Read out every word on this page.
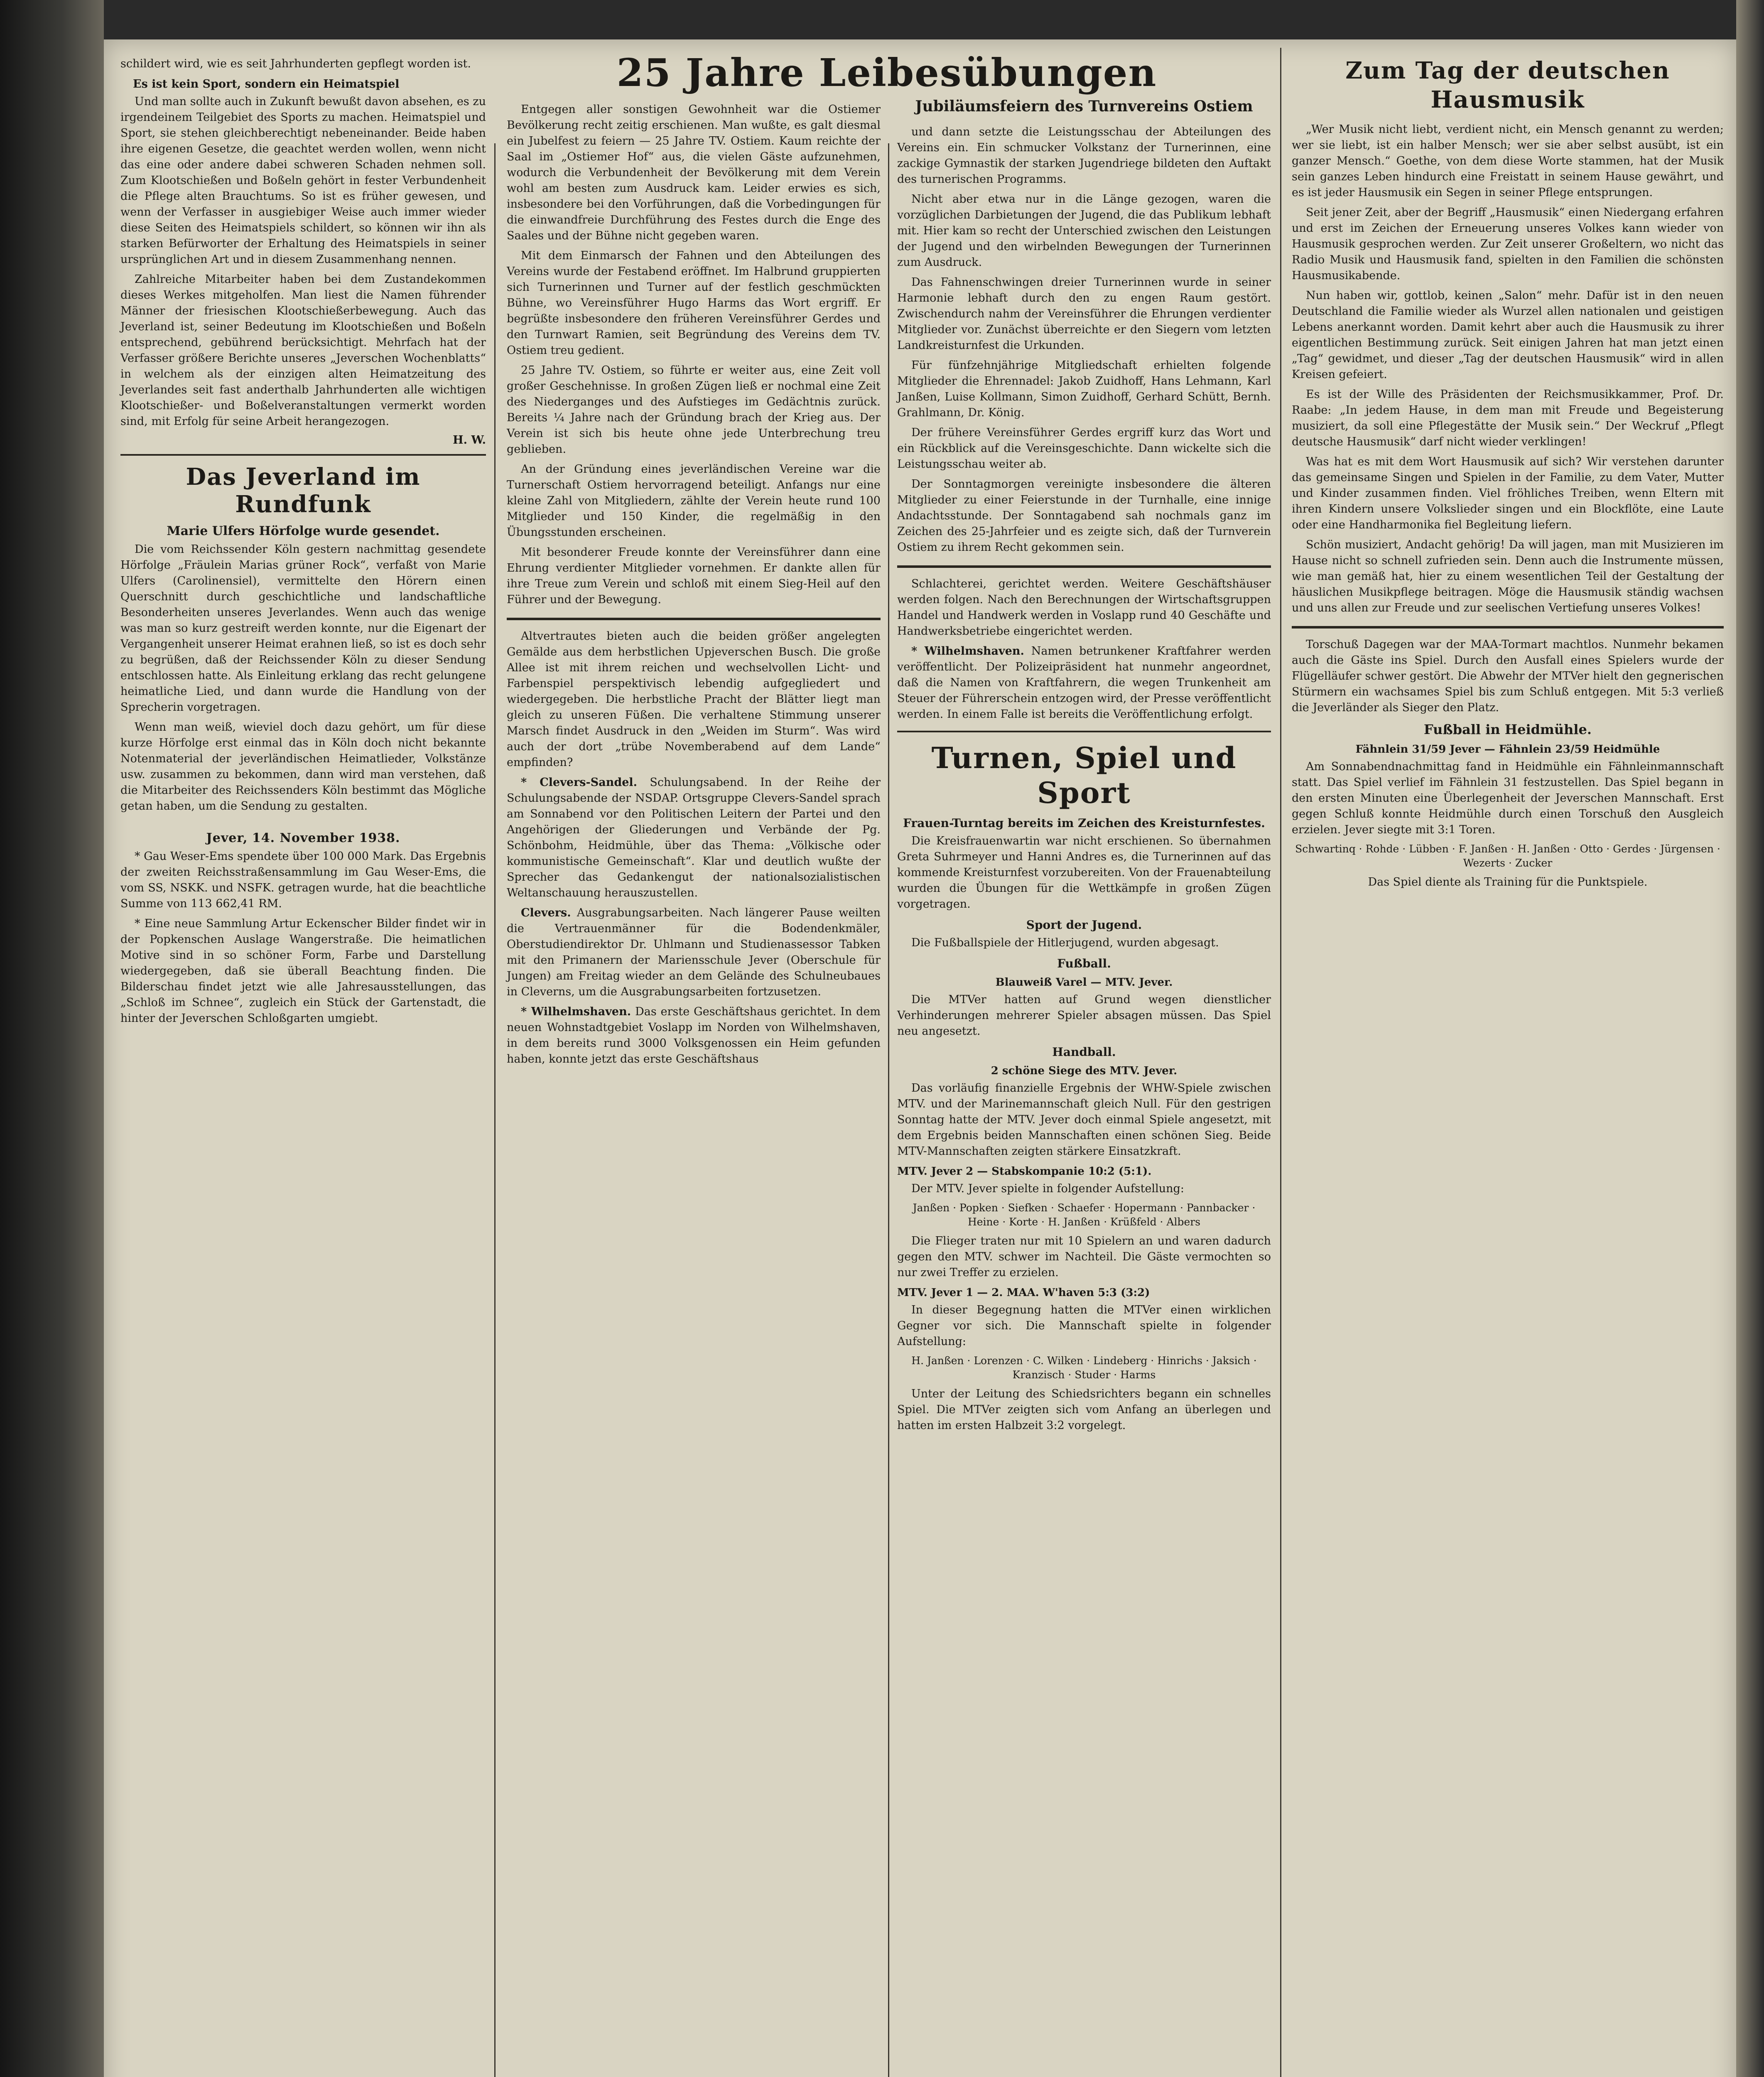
schildert wird, wie es seit Jahrhunderten gepflegt worden ist.

Es ist kein Sport, sondern ein Heimatspiel

Und man sollte auch in Zukunft bewußt davon absehen, es zu irgendeinem Teilgebiet des Sports zu machen. Heimatspiel und Sport, sie stehen gleichberechtigt nebeneinander. Beide haben ihre eigenen Gesetze, die geachtet werden wollen, wenn nicht das eine oder andere dabei schweren Schaden nehmen soll. Zum Klootschießen und Boßeln gehört in fester Verbundenheit die Pflege alten Brauchtums. So ist es früher gewesen, und wenn der Verfasser in ausgiebiger Weise auch immer wieder diese Seiten des Heimatspiels schildert, so können wir ihn als starken Befürworter der Erhaltung des Heimatspiels in seiner ursprünglichen Art und in diesem Zusammenhang nennen.

Zahlreiche Mitarbeiter haben bei dem Zustandekommen dieses Werkes mitgeholfen. Man liest die Namen führender Männer der friesischen Klootschießerbewegung. Auch das Jeverland ist, seiner Bedeutung im Klootschießen und Boßeln entsprechend, gebührend berücksichtigt. Mehrfach hat der Verfasser größere Berichte unseres „Jeverschen Wochenblatts“ in welchem als der einzigen alten Heimatzeitung des Jeverlandes seit fast anderthalb Jahrhunderten alle wichtigen Klootschießer- und Boßelveranstaltungen vermerkt worden sind, mit Erfolg für seine Arbeit herangezogen.

H. W.
Das Jeverland im Rundfunk
Marie Ulfers Hörfolge wurde gesendet.

Die vom Reichssender Köln gestern nachmittag gesendete Hörfolge „Fräulein Marias grüner Rock“, verfaßt von Marie Ulfers (Carolinensiel), vermittelte den Hörern einen Querschnitt durch geschichtliche und landschaftliche Besonderheiten unseres Jeverlandes. Wenn auch das wenige was man so kurz gestreift werden konnte, nur die Eigenart der Vergangenheit unserer Heimat erahnen ließ, so ist es doch sehr zu begrüßen, daß der Reichssender Köln zu dieser Sendung entschlossen hatte. Als Einleitung erklang das recht gelungene heimatliche Lied, und dann wurde die Handlung von der Sprecherin vorgetragen.

Wenn man weiß, wieviel doch dazu gehört, um für diese kurze Hörfolge erst einmal das in Köln doch nicht bekannte Notenmaterial der jeverländischen Heimatlieder, Volkstänze usw. zusammen zu bekommen, dann wird man verstehen, daß die Mitarbeiter des Reichssenders Köln bestimmt das Mögliche getan haben, um die Sendung zu gestalten.

Jever, 14. November 1938.

* Gau Weser-Ems spendete über 100 000 Mark. Das Ergebnis der zweiten Reichsstraßensammlung im Gau Weser-Ems, die vom SS, NSKK. und NSFK. getragen wurde, hat die beachtliche Summe von 113 662,41 RM.

* Eine neue Sammlung Artur Eckenscher Bilder findet wir in der Popkenschen Auslage Wangerstraße. Die heimatlichen Motive sind in so schöner Form, Farbe und Darstellung wiedergegeben, daß sie überall Beachtung finden. Die Bilderschau findet jetzt wie alle Jahresausstellungen, das „Schloß im Schnee“, zugleich ein Stück der Gartenstadt, die hinter der Jeverschen Schloßgarten umgiebt.

Entgegen aller sonstigen Gewohnheit war die Ostiemer Bevölkerung recht zeitig erschienen. Man wußte, es galt diesmal ein Jubelfest zu feiern — 25 Jahre TV. Ostiem. Kaum reichte der Saal im „Ostiemer Hof“ aus, die vielen Gäste aufzunehmen, wodurch die Verbundenheit der Bevölkerung mit dem Verein wohl am besten zum Ausdruck kam. Leider erwies es sich, insbesondere bei den Vorführungen, daß die Vorbedingungen für die einwandfreie Durchführung des Festes durch die Enge des Saales und der Bühne nicht gegeben waren.

Mit dem Einmarsch der Fahnen und den Abteilungen des Vereins wurde der Festabend eröffnet. Im Halbrund gruppierten sich Turnerinnen und Turner auf der festlich geschmückten Bühne, wo Vereinsführer Hugo Harms das Wort ergriff. Er begrüßte insbesondere den früheren Vereinsführer Gerdes und den Turnwart Ramien, seit Begründung des Vereins dem TV. Ostiem treu gedient.

25 Jahre TV. Ostiem, so führte er weiter aus, eine Zeit voll großer Geschehnisse. In großen Zügen ließ er nochmal eine Zeit des Niederganges und des Aufstieges im Gedächtnis zurück. Bereits ¼ Jahre nach der Gründung brach der Krieg aus. Der Verein ist sich bis heute ohne jede Unterbrechung treu geblieben.

An der Gründung eines jeverländischen Vereine war die Turnerschaft Ostiem hervorragend beteiligt. Anfangs nur eine kleine Zahl von Mitgliedern, zählte der Verein heute rund 100 Mitglieder und 150 Kinder, die regelmäßig in den Übungsstunden erscheinen.

Mit besonderer Freude konnte der Vereinsführer dann eine Ehrung verdienter Mitglieder vornehmen. Er dankte allen für ihre Treue zum Verein und schloß mit einem Sieg-Heil auf den Führer und der Bewegung.

Altvertrautes bieten auch die beiden größer angelegten Gemälde aus dem herbstlichen Upjeverschen Busch. Die große Allee ist mit ihrem reichen und wechselvollen Licht- und Farbenspiel perspektivisch lebendig aufgegliedert und wiedergegeben. Die herbstliche Pracht der Blätter liegt man gleich zu unseren Füßen. Die verhaltene Stimmung unserer Marsch findet Ausdruck in den „Weiden im Sturm“. Was wird auch der dort „trübe Novemberabend auf dem Lande“ empfinden?

* Clevers-Sandel. Schulungsabend. In der Reihe der Schulungsabende der NSDAP. Ortsgruppe Clevers-Sandel sprach am Sonnabend vor den Politischen Leitern der Partei und den Angehörigen der Gliederungen und Verbände der Pg. Schönbohm, Heidmühle, über das Thema: „Völkische oder kommunistische Gemeinschaft“. Klar und deutlich wußte der Sprecher das Gedankengut der nationalsozialistischen Weltanschauung herauszustellen.

Clevers. Ausgrabungsarbeiten. Nach längerer Pause weilten die Vertrauenmänner für die Bodendenkmäler, Oberstudiendirektor Dr. Uhlmann und Studienassessor Tabken mit den Primanern der Mariensschule Jever (Oberschule für Jungen) am Freitag wieder an dem Gelände des Schulneubaues in Cleverns, um die Ausgrabungsarbeiten fortzusetzen.

* Wilhelmshaven. Das erste Geschäftshaus gerichtet. In dem neuen Wohnstadtgebiet Voslapp im Norden von Wilhelmshaven, in dem bereits rund 3000 Volksgenossen ein Heim gefunden haben, konnte jetzt das erste Geschäftshaus

25 Jahre Leibesübungen
Jubiläumsfeiern des Turnvereins Ostiem

und dann setzte die Leistungsschau der Abteilungen des Vereins ein. Ein schmucker Volkstanz der Turnerinnen, eine zackige Gymnastik der starken Jugendriege bildeten den Auftakt des turnerischen Programms.

Nicht aber etwa nur in die Länge gezogen, waren die vorzüglichen Darbietungen der Jugend, die das Publikum lebhaft mit. Hier kam so recht der Unterschied zwischen den Leistungen der Jugend und den wirbelnden Bewegungen der Turnerinnen zum Ausdruck.

Das Fahnenschwingen dreier Turnerinnen wurde in seiner Harmonie lebhaft durch den zu engen Raum gestört. Zwischendurch nahm der Vereinsführer die Ehrungen verdienter Mitglieder vor. Zunächst überreichte er den Siegern vom letzten Landkreisturnfest die Urkunden.

Für fünfzehnjährige Mitgliedschaft erhielten folgende Mitglieder die Ehrennadel: Jakob Zuidhoff, Hans Lehmann, Karl Janßen, Luise Kollmann, Simon Zuidhoff, Gerhard Schütt, Bernh. Grahlmann, Dr. König.

Der frühere Vereinsführer Gerdes ergriff kurz das Wort und ein Rückblick auf die Vereinsgeschichte. Dann wickelte sich die Leistungsschau weiter ab.

Der Sonntagmorgen vereinigte insbesondere die älteren Mitglieder zu einer Feierstunde in der Turnhalle, eine innige Andachtsstunde. Der Sonntagabend sah nochmals ganz im Zeichen des 25-Jahrfeier und es zeigte sich, daß der Turnverein Ostiem zu ihrem Recht gekommen sein.

Schlachterei, gerichtet werden. Weitere Geschäftshäuser werden folgen. Nach den Berechnungen der Wirtschaftsgruppen Handel und Handwerk werden in Voslapp rund 40 Geschäfte und Handwerksbetriebe eingerichtet werden.

* Wilhelmshaven. Namen betrunkener Kraftfahrer werden veröffentlicht. Der Polizeipräsident hat nunmehr angeordnet, daß die Namen von Kraftfahrern, die wegen Trunkenheit am Steuer der Führerschein entzogen wird, der Presse veröffentlicht werden. In einem Falle ist bereits die Veröffentlichung erfolgt.

Turnen, Spiel und Sport
Frauen-Turntag bereits im Zeichen des Kreisturnfestes.

Die Kreisfrauenwartin war nicht erschienen. So übernahmen Greta Suhrmeyer und Hanni Andres es, die Turnerinnen auf das kommende Kreisturnfest vorzubereiten. Von der Frauenabteilung wurden die Übungen für die Wettkämpfe in großen Zügen vorgetragen.

Sport der Jugend.

Die Fußballspiele der Hitlerjugend, wurden abgesagt.

Fußball.
Blauweiß Varel — MTV. Jever.

Die MTVer hatten auf Grund wegen dienstlicher Verhinderungen mehrerer Spieler absagen müssen. Das Spiel neu angesetzt.

Handball.
2 schöne Siege des MTV. Jever.

Das vorläufig finanzielle Ergebnis der WHW-Spiele zwischen MTV. und der Marinemannschaft gleich Null. Für den gestrigen Sonntag hatte der MTV. Jever doch einmal Spiele angesetzt, mit dem Ergebnis beiden Mannschaften einen schönen Sieg. Beide MTV-Mannschaften zeigten stärkere Einsatzkraft.

MTV. Jever 2 — Stabskompanie 10:2 (5:1).

Der MTV. Jever spielte in folgender Aufstellung:

Janßen · Popken · Siefken · Schaefer · Hopermann · Pannbacker · Heine · Korte · H. Janßen · Krüßfeld · Albers

Die Flieger traten nur mit 10 Spielern an und waren dadurch gegen den MTV. schwer im Nachteil. Die Gäste vermochten so nur zwei Treffer zu erzielen.

MTV. Jever 1 — 2. MAA. W'haven 5:3 (3:2)

In dieser Begegnung hatten die MTVer einen wirklichen Gegner vor sich. Die Mannschaft spielte in folgender Aufstellung:

H. Janßen · Lorenzen · C. Wilken · Lindeberg · Hinrichs · Jaksich · Kranzisch · Studer · Harms

Unter der Leitung des Schiedsrichters begann ein schnelles Spiel. Die MTVer zeigten sich vom Anfang an überlegen und hatten im ersten Halbzeit 3:2 vorgelegt.

Zum Tag der deutschen Hausmusik

„Wer Musik nicht liebt, verdient nicht, ein Mensch genannt zu werden; wer sie liebt, ist ein halber Mensch; wer sie aber selbst ausübt, ist ein ganzer Mensch.“ Goethe, von dem diese Worte stammen, hat der Musik sein ganzes Leben hindurch eine Freistatt in seinem Hause gewährt, und es ist jeder Hausmusik ein Segen in seiner Pflege entsprungen.

Seit jener Zeit, aber der Begriff „Hausmusik“ einen Niedergang erfahren und erst im Zeichen der Erneuerung unseres Volkes kann wieder von Hausmusik gesprochen werden. Zur Zeit unserer Großeltern, wo nicht das Radio Musik und Hausmusik fand, spielten in den Familien die schönsten Hausmusikabende.

Nun haben wir, gottlob, keinen „Salon“ mehr. Dafür ist in den neuen Deutschland die Familie wieder als Wurzel allen nationalen und geistigen Lebens anerkannt worden. Damit kehrt aber auch die Hausmusik zu ihrer eigentlichen Bestimmung zurück. Seit einigen Jahren hat man jetzt einen „Tag“ gewidmet, und dieser „Tag der deutschen Hausmusik“ wird in allen Kreisen gefeiert.

Es ist der Wille des Präsidenten der Reichsmusikkammer, Prof. Dr. Raabe: „In jedem Hause, in dem man mit Freude und Begeisterung musiziert, da soll eine Pflegestätte der Musik sein.“ Der Weckruf „Pflegt deutsche Hausmusik“ darf nicht wieder verklingen!

Was hat es mit dem Wort Hausmusik auf sich? Wir verstehen darunter das gemeinsame Singen und Spielen in der Familie, zu dem Vater, Mutter und Kinder zusammen finden. Viel fröhliches Treiben, wenn Eltern mit ihren Kindern unsere Volkslieder singen und ein Blockflöte, eine Laute oder eine Handharmonika fiel Begleitung liefern.

Schön musiziert, Andacht gehörig! Da will jagen, man mit Musizieren im Hause nicht so schnell zufrieden sein. Denn auch die Instrumente müssen, wie man gemäß hat, hier zu einem wesentlichen Teil der Gestaltung der häuslichen Musikpflege beitragen. Möge die Hausmusik ständig wachsen und uns allen zur Freude und zur seelischen Vertiefung unseres Volkes!

Torschuß Dagegen war der MAA-Tormart machtlos. Nunmehr bekamen auch die Gäste ins Spiel. Durch den Ausfall eines Spielers wurde der Flügelläufer schwer gestört. Die Abwehr der MTVer hielt den gegnerischen Stürmern ein wachsames Spiel bis zum Schluß entgegen. Mit 5:3 verließ die Jeverländer als Sieger den Platz.

Fußball in Heidmühle.
Fähnlein 31/59 Jever — Fähnlein 23/59 Heidmühle

Am Sonnabendnachmittag fand in Heidmühle ein Fähnleinmannschaft statt. Das Spiel verlief im Fähnlein 31 festzustellen. Das Spiel begann in den ersten Minuten eine Überlegenheit der Jeverschen Mannschaft. Erst gegen Schluß konnte Heidmühle durch einen Torschuß den Ausgleich erzielen. Jever siegte mit 3:1 Toren.

Schwartinq · Rohde · Lübben · F. Janßen · H. Janßen · Otto · Gerdes · Jürgensen · Wezerts · Zucker

Das Spiel diente als Training für die Punktspiele.
